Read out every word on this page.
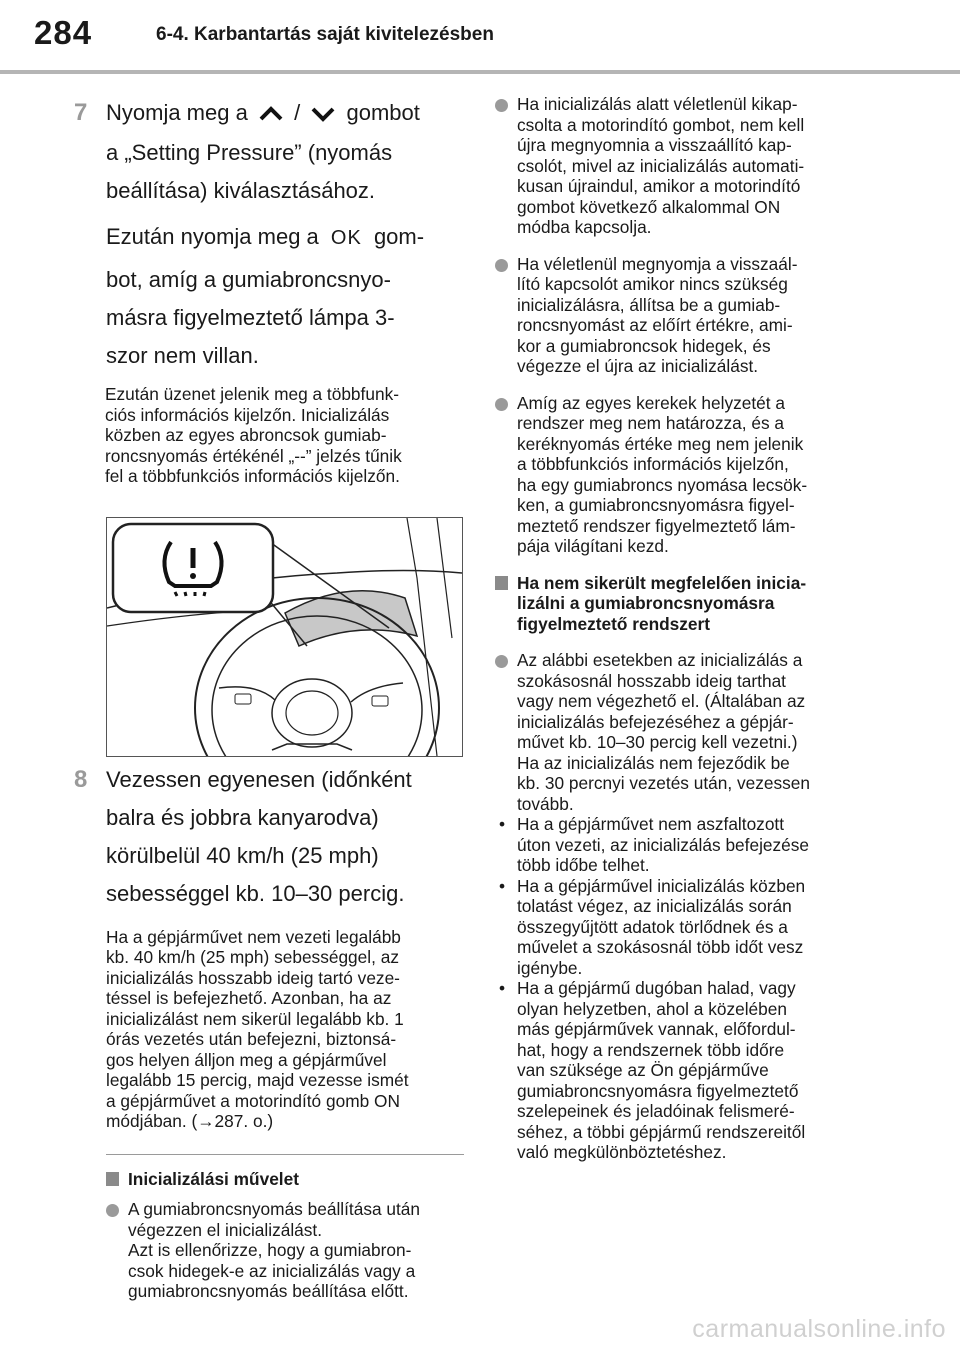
284	6-4. Karbantartás saját kivitelezésben
7 Nyomja meg a / gombot
a „Setting Pressure” (nyomás
beállítása) kiválasztásához.
Ezután nyomja meg a OK gom-
bot, amíg a gumiabroncsnyo-
másra figyelmeztető lámpa 3-
szor nem villan.
Ezután üzenet jelenik meg a többfunk-
ciós információs kijelzőn. Inicializálás
közben az egyes abroncsok gumiab-
roncsnyomás értékénél „--” jelzés tűnik
fel a többfunkciós információs kijelzőn.
8 Vezessen egyenesen (időnként
balra és jobbra kanyarodva)
körülbelül 40 km/h (25 mph)
sebességgel kb. 10–30 percig.
Ha a gépjárművet nem vezeti legalább
kb. 40 km/h (25 mph) sebességgel, az
inicializálás hosszabb ideig tartó veze-
téssel is befejezhető. Azonban, ha az
inicializálást nem sikerül legalább kb. 1
órás vezetés után befejezni, biztonsá-
gos helyen álljon meg a gépjárművel
legalább 15 percig, majd vezesse ismét
a gépjárművet a motorindító gomb ON
módjában. (→287. o.)
Inicializálási művelet
A gumiabroncsnyomás beállítása után
végezzen el inicializálást.
Azt is ellenőrizze, hogy a gumiabron-
csok hidegek-e az inicializálás vagy a
gumiabroncsnyomás beállítása előtt.
Ha inicializálás alatt véletlenül kikap-
csolta a motorindító gombot, nem kell
újra megnyomnia a visszaállító kap-
csolót, mivel az inicializálás automati-
kusan újraindul, amikor a motorindító
gombot következő alkalommal ON
módba kapcsolja.
Ha véletlenül megnyomja a visszaál-
lító kapcsolót amikor nincs szükség
inicializálásra, állítsa be a gumiab-
roncsnyomást az előírt értékre, ami-
kor a gumiabroncsok hidegek, és
végezze el újra az inicializálást.
Amíg az egyes kerekek helyzetét a
rendszer meg nem határozza, és a
keréknyomás értéke meg nem jelenik
a többfunkciós információs kijelzőn,
ha egy gumiabroncs nyomása lecsök-
ken, a gumiabroncsnyomásra figyel-
meztető rendszer figyelmeztető lám-
pája világítani kezd.
Ha nem sikerült megfelelően inicia-
lizálni a gumiabroncsnyomásra
figyelmeztető rendszert
Az alábbi esetekben az inicializálás a
szokásosnál hosszabb ideig tarthat
vagy nem végezhető el. (Általában az
inicializálás befejezéséhez a gépjár-
művet kb. 10–30 percig kell vezetni.)
Ha az inicializálás nem fejeződik be
kb. 30 percnyi vezetés után, vezessen
tovább.
• Ha a gépjárművet nem aszfaltozott
úton vezeti, az inicializálás befejezése
több időbe telhet.
• Ha a gépjárművel inicializálás közben
tolatást végez, az inicializálás során
összegyűjtött adatok törlődnek és a
művelet a szokásosnál több időt vesz
igénybe.
• Ha a gépjármű dugóban halad, vagy
olyan helyzetben, ahol a közelében
más gépjárművek vannak, előfordul-
hat, hogy a rendszernek több időre
van szüksége az Ön gépjárműve
gumiabroncsnyomásra figyelmeztető
szelepeinek és jeladóinak felismeré-
séhez, a többi gépjármű rendszereitől
való megkülönböztetéshez.
carmanualsonline.info
